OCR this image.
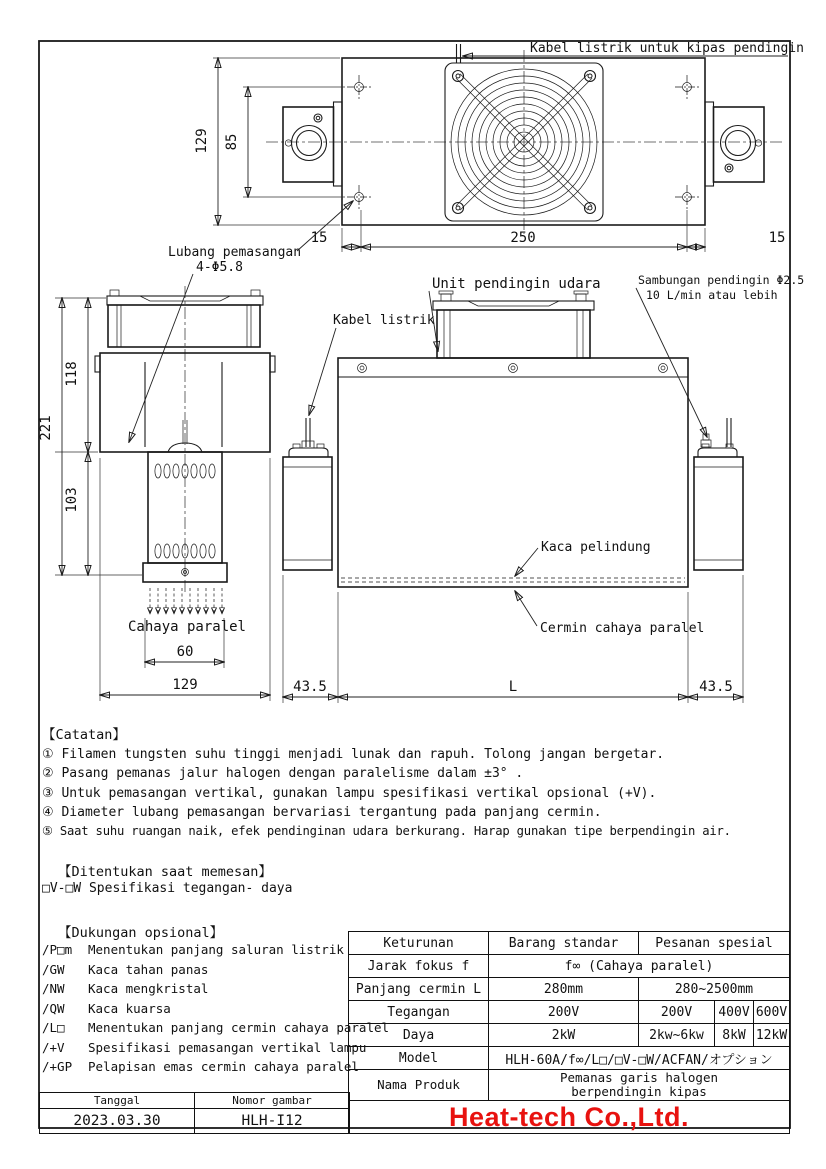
Kabel listrik untuk kipas pendingin
129 85
15	250	15
Lubang pemasangan
4-Φ5.8
Cahaya paralel
221
118
103
60
129
Kabel listrik
Unit pendingin udara	Sambungan pendingin Φ2.5
10 L/min atau lebih
Kaca pelindung
Cermin cahaya paralel
43.5	L	43.5
【Catatan】
① Filamen tungsten suhu tinggi menjadi lunak dan rapuh. Tolong jangan bergetar.
② Pasang pemanas jalur halogen dengan paralelisme dalam ±3° .
③ Untuk pemasangan vertikal, gunakan lampu spesifikasi vertikal opsional (+V).
④ Diameter lubang pemasangan bervariasi tergantung pada panjang cermin.
⑤ Saat suhu ruangan naik, efek pendinginan udara berkurang. Harap gunakan tipe berpendingin air.
【Ditentukan saat memesan】
□V-□W Spesifikasi tegangan- daya
【Dukungan opsional】
/P□m	Menentukan panjang saluran listrik
/GW	Kaca tahan panas
/NW	Kaca mengkristal
/QW	Kaca kuarsa
/L□	Menentukan panjang cermin cahaya paralel
/+V	Spesifikasi pemasangan vertikal lampu
/+GP	Pelapisan emas cermin cahaya paralel
Keturunan	Barang standar	Pesanan spesial		
Jarak fokus f	f∞ (Cahaya paralel)			
Panjang cermin L	280mm	280~2500mm		
Tegangan	200V	200V	400V	600V
Daya	2kW	2kw~6kw	8kW	12kW
Model	HLH-60A/f∞/L□/□V-□W/ACFAN/オプション			
Nama Produk	Pemanas garis halogen
berpendingin kipas			

Heat-tech Co.,Ltd.				
Tanggal	Nomor gambar
2023.03.30	HLH-I12
